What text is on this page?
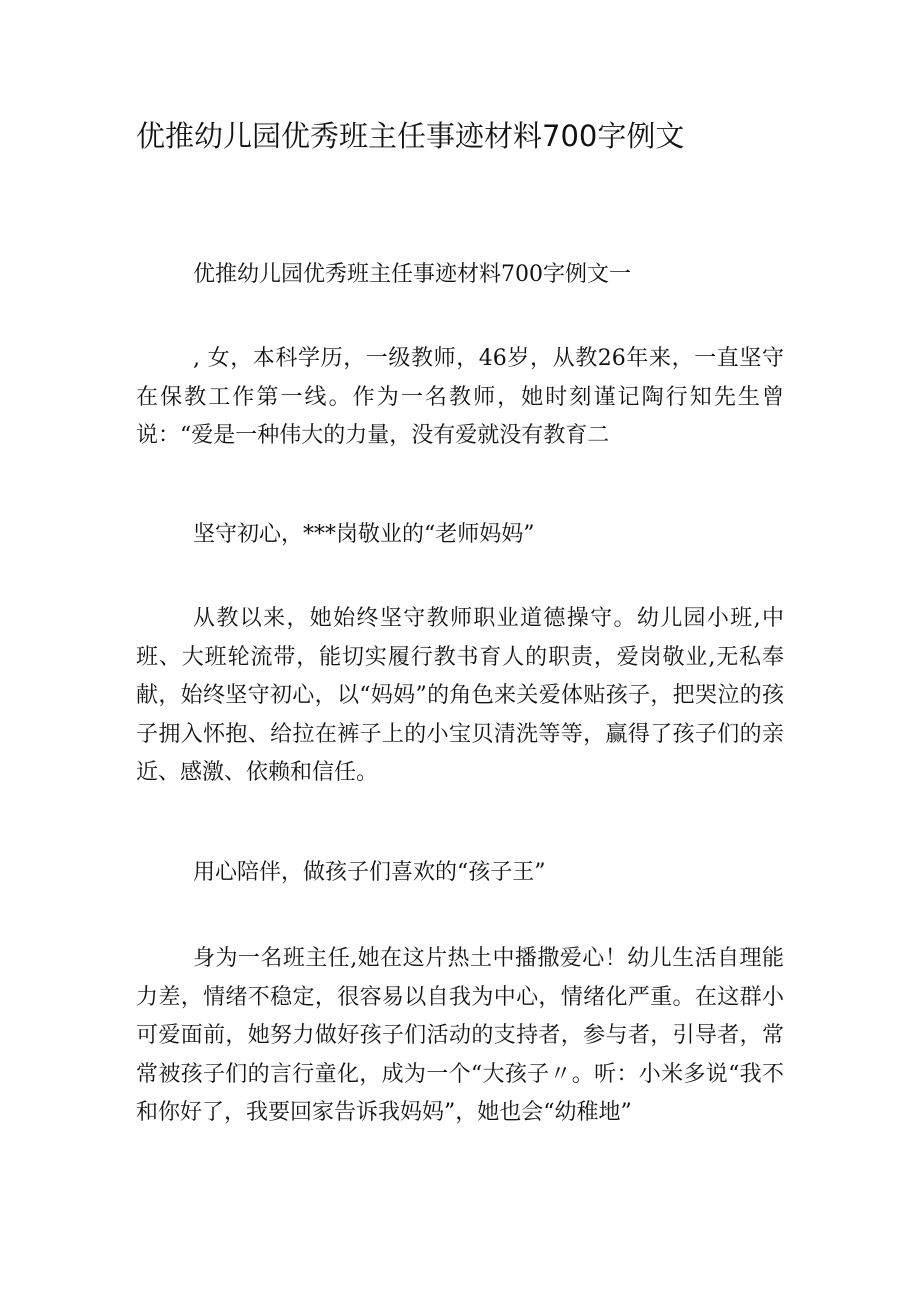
优推幼儿园优秀班主任事迹材料700字例文

优推幼儿园优秀班主任事迹材料700字例文一

, 女，本科学历，一级教师，46岁，从教26年来，一直坚守在保教工作第一线。作为一名教师，她时刻谨记陶行知先生曾说：“爱是一种伟大的力量，没有爱就没有教育二

坚守初心，***岗敬业的“老师妈妈”

从教以来，她始终坚守教师职业道德操守。幼儿园小班,中班、大班轮流带，能切实履行教书育人的职责，爱岗敬业,无私奉献，始终坚守初心，以“妈妈”的角色来关爱体贴孩子，把哭泣的孩子拥入怀抱、给拉在裤子上的小宝贝清洗等等，赢得了孩子们的亲近、感激、依赖和信任。

用心陪伴，做孩子们喜欢的“孩子王”

身为一名班主任,她在这片热土中播撒爱心！幼儿生活自理能力差，情绪不稳定，很容易以自我为中心，情绪化严重。在这群小可爱面前，她努力做好孩子们活动的支持者，参与者，引导者，常常被孩子们的言行童化，成为一个“大孩子〃。听：小米多说“我不和你好了，我要回家告诉我妈妈”，她也会“幼稚地”
